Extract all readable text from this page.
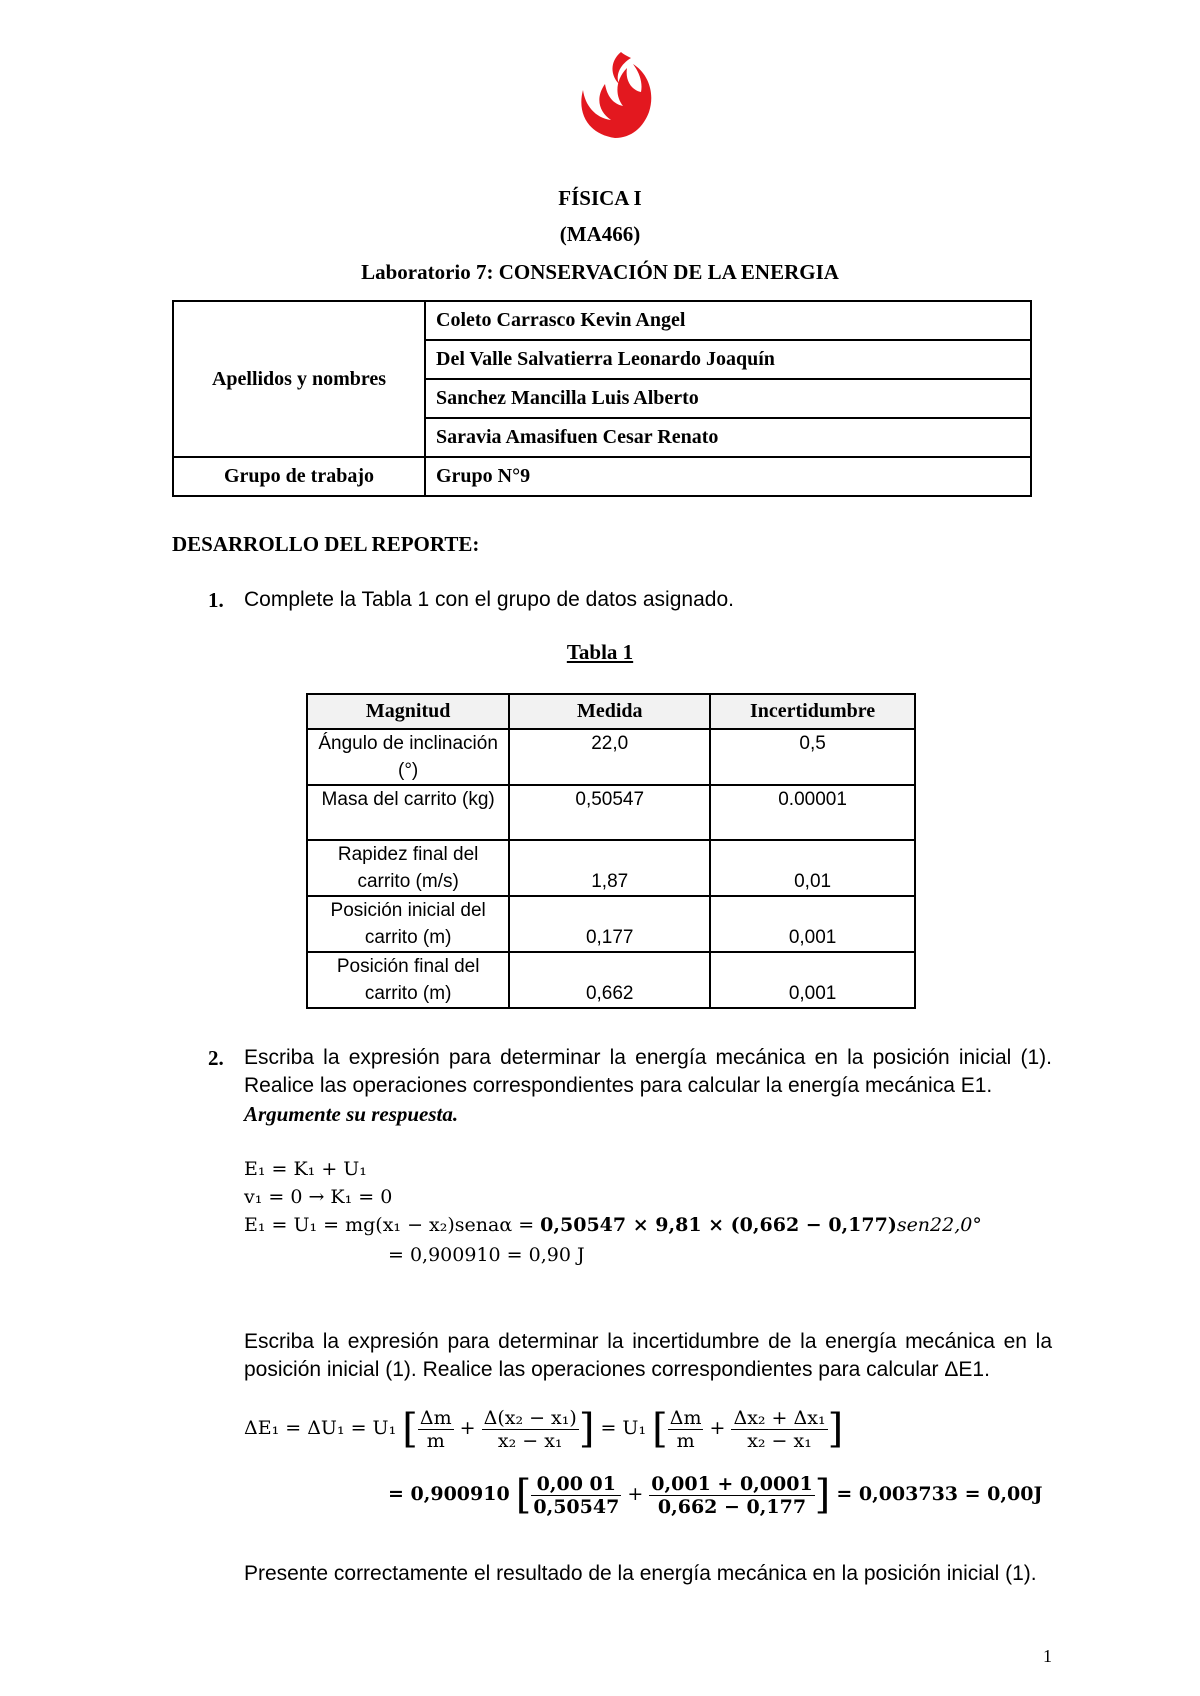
FÍSICA I
(MA466)
Laboratorio 7: CONSERVACIÓN DE LA ENERGIA
Apellidos y nombres	Coleto Carrasco Kevin Angel
	Del Valle Salvatierra Leonardo Joaquín
	Sanchez Mancilla Luis Alberto
	Saravia Amasifuen Cesar Renato
Grupo de trabajo	Grupo N°9
DESARROLLO DEL REPORTE:
1. Complete la Tabla 1 con el grupo de datos asignado.
Tabla 1
Magnitud	Medida	Incertidumbre
Ángulo de inclinación (°)	22,0	0,5
Masa del carrito (kg)	0,50547	0.00001
Rapidez final del carrito (m/s)	1,87	0,01
Posición inicial del carrito (m)	0,177	0,001
Posición final del carrito (m)	0,662	0,001
2. Escriba la expresión para determinar la energía mecánica en la posición inicial (1). Realice las operaciones correspondientes para calcular la energía mecánica E1.
Argumente su respuesta.
E₁ = K₁ + U₁
v₁ = 0 → K₁ = 0
E₁ = U₁ = mg(x₁ − x₂)senaα = 0,50547 × 9,81 × (0,662 − 0,177)sen22,0°
= 0,900910 = 0,90 J
Escriba la expresión para determinar la incertidumbre de la energía mecánica en la posición inicial (1). Realice las operaciones correspondientes para calcular ΔE1.
ΔE₁ = ΔU₁ = U₁ [ $\frac{\Delta m}{m} + \frac{\text{Δ(x₂ − x₁)}}{\text{x₂ − x₁}}$ ] = U₁ [ $\frac{\Delta m}{m} + \frac{\text{Δx₂ + Δx₁}}{\text{x₂ − x₁}}$ ]
= 0,900910 [ $\frac{0,00 01}{0,50547} + \frac{0,001 + 0,0001}{0,662 - 0,177}$ ] = 0,003733 = 0,00J
Presente correctamente el resultado de la energía mecánica en la posición inicial (1).
1
